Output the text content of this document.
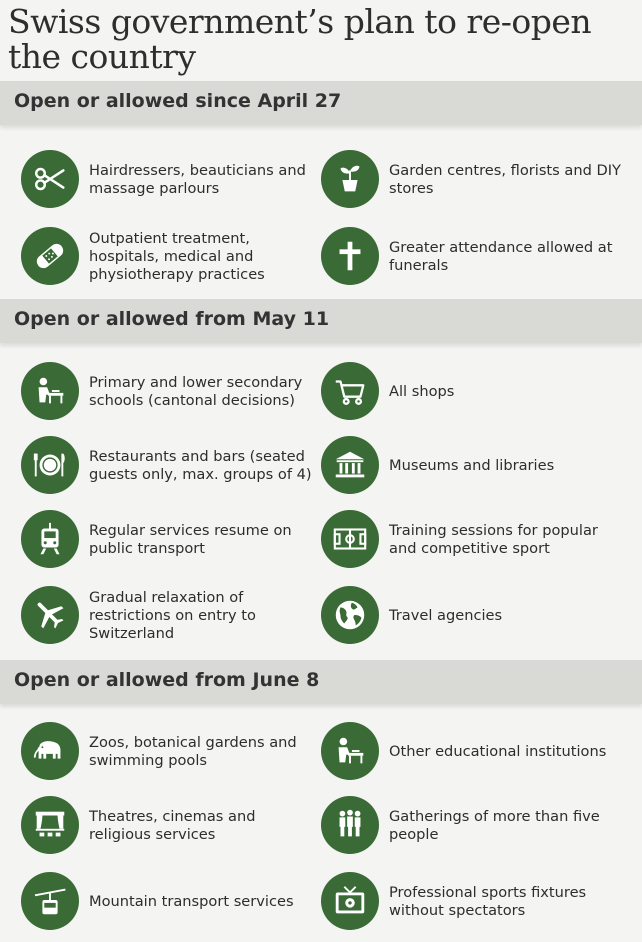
Swiss government’s plan to re-open the country
Open or allowed since April 27
Hairdressers, beauticians and massage parlours
Garden centres, florists and DIY stores
Outpatient treatment, hospitals, medical and physiotherapy practices
Greater attendance allowed at funerals
Open or allowed from May 11
Primary and lower secondary schools (cantonal decisions)
All shops
Restaurants and bars (seated guests only, max. groups of 4)
Museums and libraries
Regular services resume on public transport
Training sessions for popular and competitive sport
Gradual relaxation of restrictions on entry to Switzerland
Travel agencies
Open or allowed from June 8
Zoos, botanical gardens and swimming pools
Other educational institutions
Theatres, cinemas and religious services
Gatherings of more than five people
Mountain transport services
Professional sports fixtures without spectators
